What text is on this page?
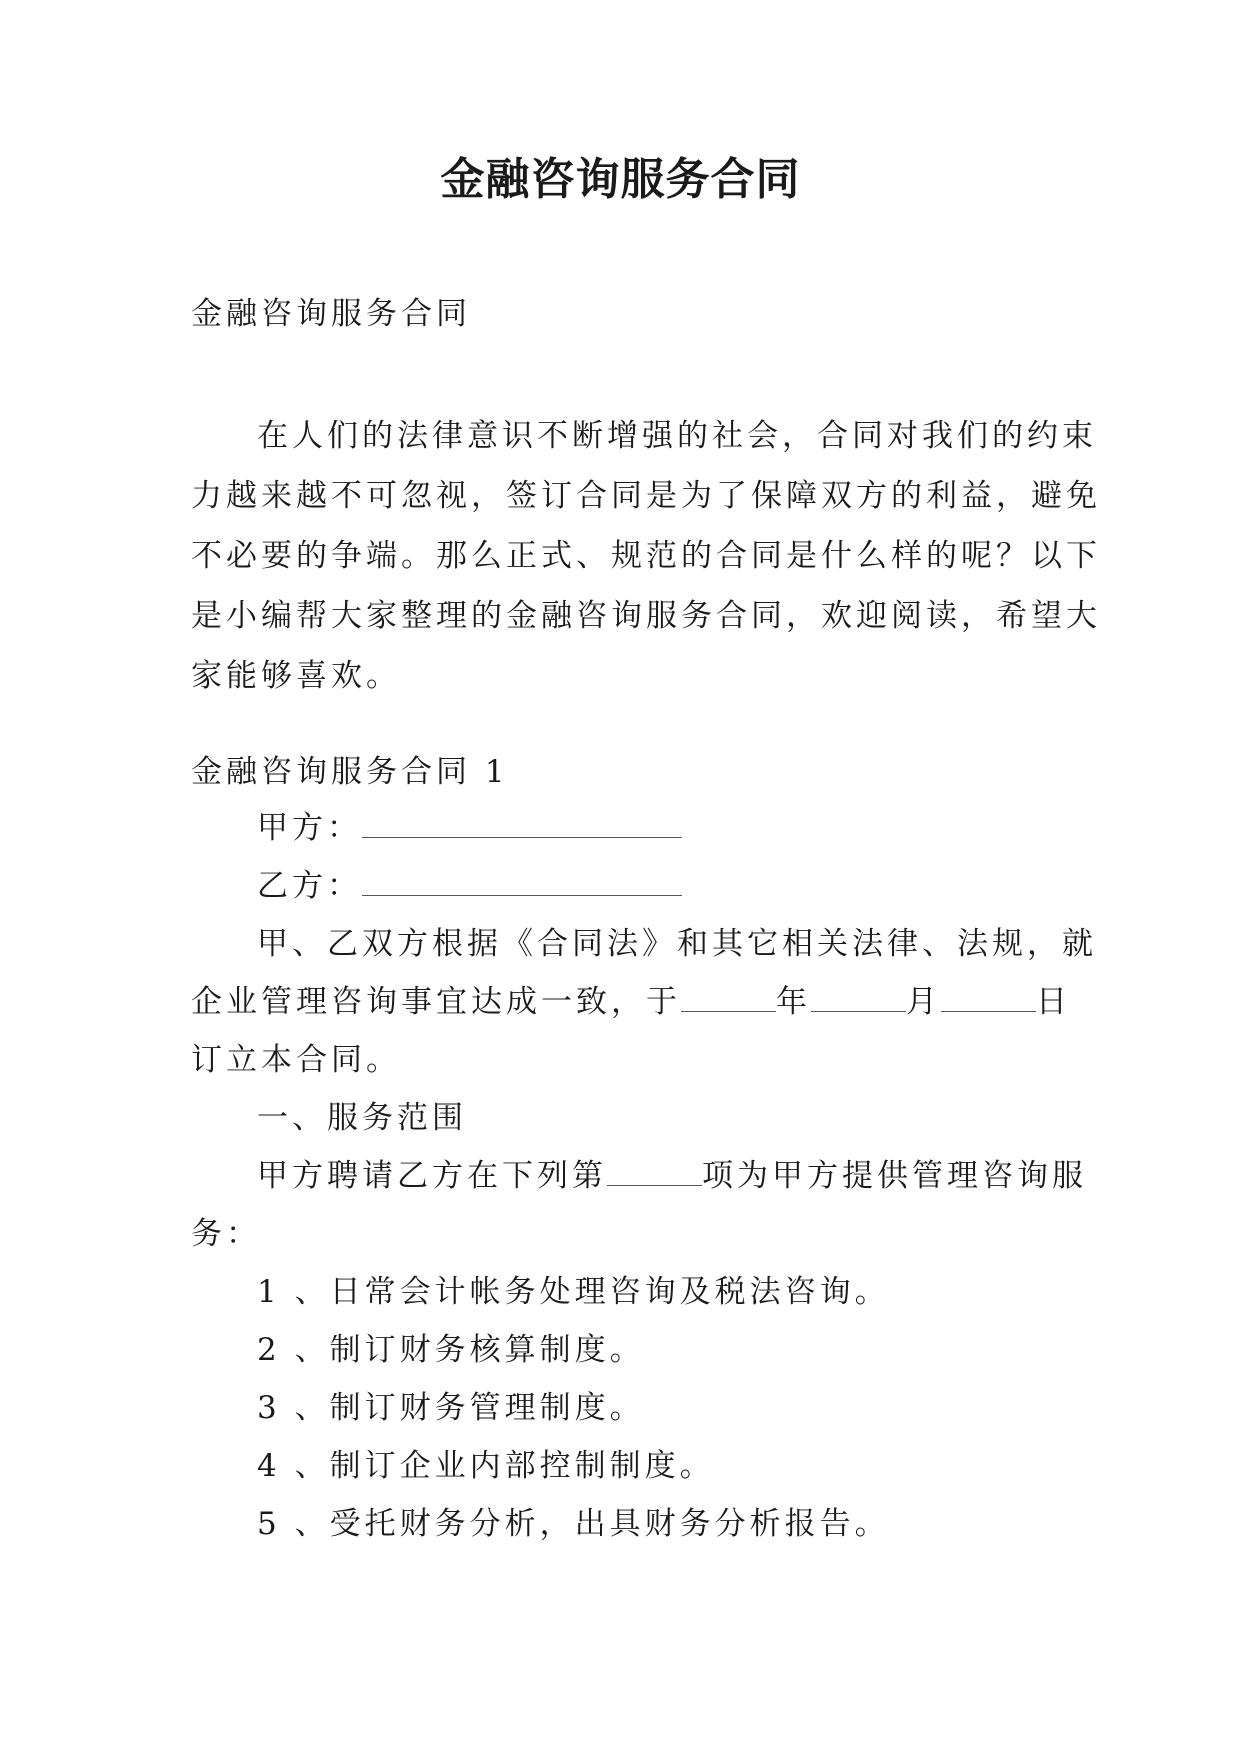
金融咨询服务合同
金融咨询服务合同
在人们的法律意识不断增强的社会，合同对我们的约束
力越来越不可忽视，签订合同是为了保障双方的利益，避免
不必要的争端。那么正式、规范的合同是什么样的呢？以下
是小编帮大家整理的金融咨询服务合同，欢迎阅读，希望大
家能够喜欢。
金融咨询服务合同 1
甲方：
乙方：
甲、乙双方根据《合同法》和其它相关法律、法规，就
企业管理咨询事宜达成一致，于	年	月	日
订立本合同。
一、服务范围
甲方聘请乙方在下列第	项为甲方提供管理咨询服
务：
1 、日常会计帐务处理咨询及税法咨询。
2 、制订财务核算制度。
3 、制订财务管理制度。
4 、制订企业内部控制制度。
5 、受托财务分析，出具财务分析报告。
